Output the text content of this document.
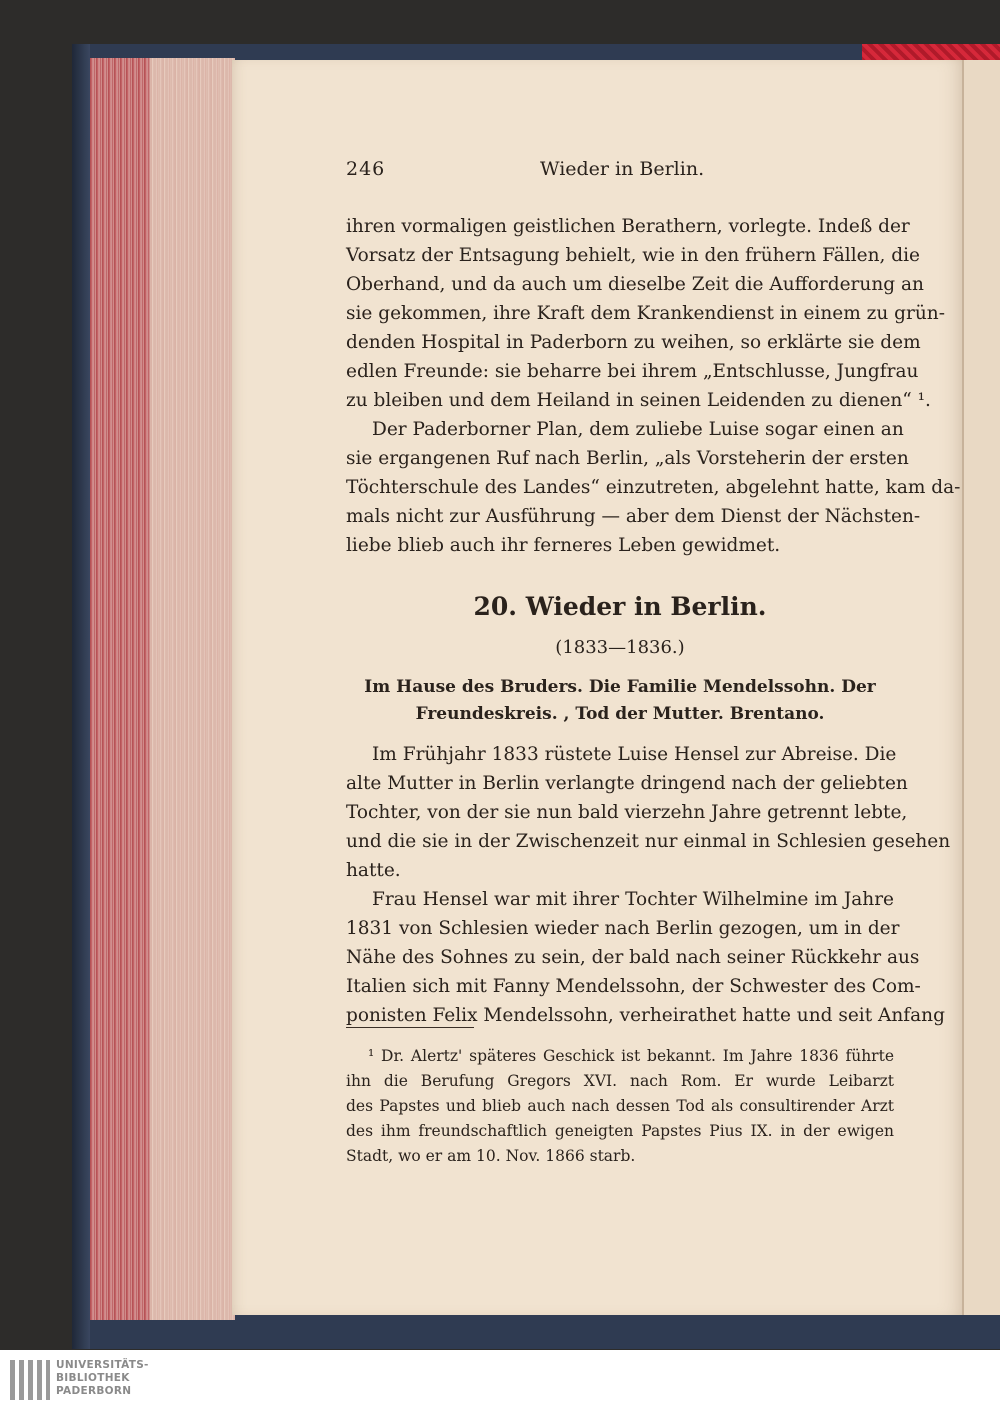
246	Wieder in Berlin.
ihren vormaligen geistlichen Berathern, vorlegte. Indeß der
Vorsatz der Entsagung behielt, wie in den frühern Fällen, die
Oberhand, und da auch um dieselbe Zeit die Aufforderung an
sie gekommen, ihre Kraft dem Krankendienst in einem zu grün-
denden Hospital in Paderborn zu weihen, so erklärte sie dem
edlen Freunde: sie beharre bei ihrem „Entschlusse, Jungfrau
zu bleiben und dem Heiland in seinen Leidenden zu dienen“ ¹.
Der Paderborner Plan, dem zuliebe Luise sogar einen an
sie ergangenen Ruf nach Berlin, „als Vorsteherin der ersten
Töchterschule des Landes“ einzutreten, abgelehnt hatte, kam da-
mals nicht zur Ausführung — aber dem Dienst der Nächsten-
liebe blieb auch ihr ferneres Leben gewidmet.
20. Wieder in Berlin.
(1833—1836.)
Im Hause des Bruders. Die Familie Mendelssohn. Der
Freundeskreis. , Tod der Mutter. Brentano.
Im Frühjahr 1833 rüstete Luise Hensel zur Abreise. Die
alte Mutter in Berlin verlangte dringend nach der geliebten
Tochter, von der sie nun bald vierzehn Jahre getrennt lebte,
und die sie in der Zwischenzeit nur einmal in Schlesien gesehen
hatte.
Frau Hensel war mit ihrer Tochter Wilhelmine im Jahre
1831 von Schlesien wieder nach Berlin gezogen, um in der
Nähe des Sohnes zu sein, der bald nach seiner Rückkehr aus
Italien sich mit Fanny Mendelssohn, der Schwester des Com-
ponisten Felix Mendelssohn, verheirathet hatte und seit Anfang
¹ Dr. Alertz' späteres Geschick ist bekannt. Im Jahre 1836 führte
ihn die Berufung Gregors XVI. nach Rom. Er wurde Leibarzt
des Papstes und blieb auch nach dessen Tod als consultirender Arzt
des ihm freundschaftlich geneigten Papstes Pius IX. in der ewigen
Stadt, wo er am 10. Nov. 1866 starb.
UNIVERSITÄTS-
BIBLIOTHEK
PADERBORN
